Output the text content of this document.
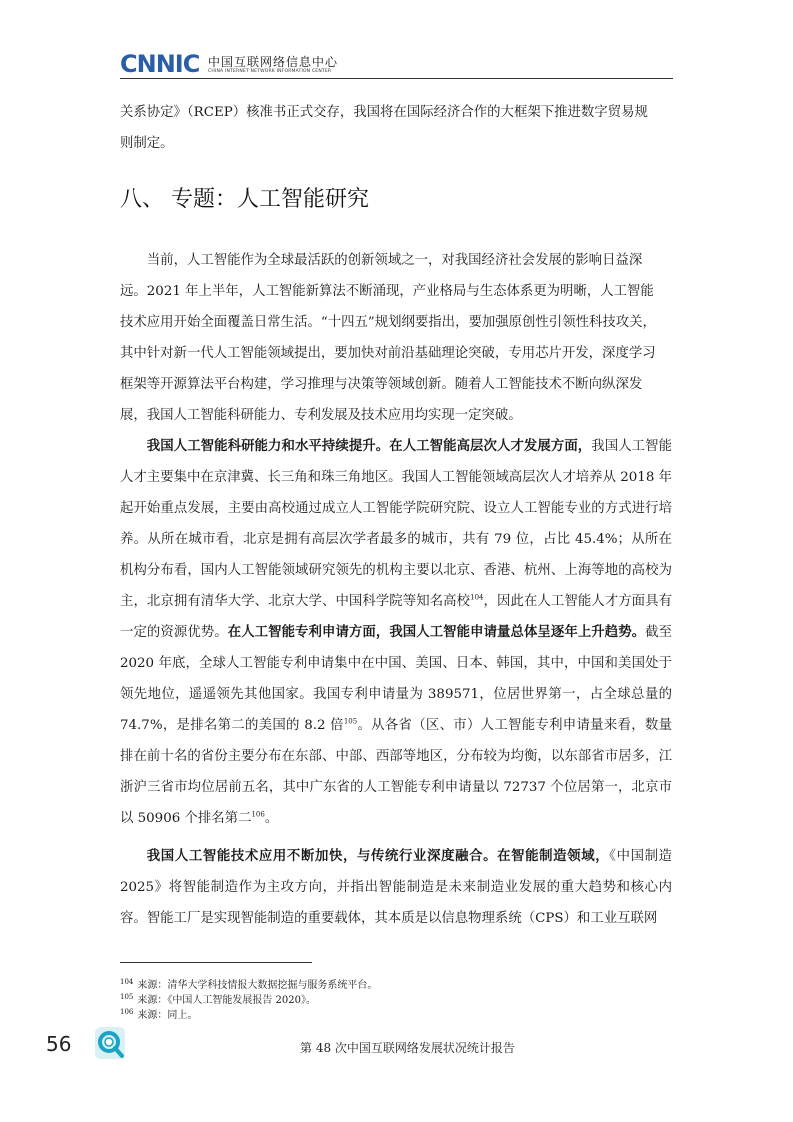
CNNIC 中国互联网络信息中心
CHINA INTERNET NETWORK INFORMATION CENTER

关系协定》（RCEP）核准书正式交存，我国将在国际经济合作的大框架下推进数字贸易规

则制定。

八、 专题：人工智能研究

当前，人工智能作为全球最活跃的创新领域之一，对我国经济社会发展的影响日益深

远。2021 年上半年，人工智能新算法不断涌现，产业格局与生态体系更为明晰，人工智能

技术应用开始全面覆盖日常生活。“十四五”规划纲要指出，要加强原创性引领性科技攻关，

其中针对新一代人工智能领域提出，要加快对前沿基础理论突破，专用芯片开发，深度学习

框架等开源算法平台构建，学习推理与决策等领域创新。随着人工智能技术不断向纵深发

展，我国人工智能科研能力、专利发展及技术应用均实现一定突破。

我国人工智能科研能力和水平持续提升。在人工智能高层次人才发展方面，我国人工智能人才主要集中在京津冀、长三角和珠三角地区。我国人工智能领域高层次人才培养从 2018 年起开始重点发展，主要由高校通过成立人工智能学院研究院、设立人工智能专业的方式进行培养。从所在城市看，北京是拥有高层次学者最多的城市，共有 79 位，占比 45.4%；从所在机构分布看，国内人工智能领域研究领先的机构主要以北京、香港、杭州、上海等地的高校为主，北京拥有清华大学、北京大学、中国科学院等知名高校$^{104}$，因此在人工智能人才方面具有一定的资源优势。在人工智能专利申请方面，我国人工智能申请量总体呈逐年上升趋势。截至 2020 年底，全球人工智能专利申请集中在中国、美国、日本、韩国，其中，中国和美国处于领先地位，遥遥领先其他国家。我国专利申请量为 389571，位居世界第一，占全球总量的 74.7%，是排名第二的美国的 8.2 倍$^{105}$。从各省（区、市）人工智能专利申请量来看，数量排在前十名的省份主要分布在东部、中部、西部等地区，分布较为均衡，以东部省市居多，江浙沪三省市均位居前五名，其中广东省的人工智能专利申请量以 72737 个位居第一，北京市以 50906 个排名第二$^{106}$。

我国人工智能技术应用不断加快，与传统行业深度融合。在智能制造领域，《中国制造 2025》将智能制造作为主攻方向，并指出智能制造是未来制造业发展的重大趋势和核心内容。智能工厂是实现智能制造的重要载体，其本质是以信息物理系统（CPS）和工业互联网

$^{104}$ 来源：清华大学科技情报大数据挖掘与服务系统平台。
$^{105}$ 来源：《中国人工智能发展报告 2020》。
$^{106}$ 来源：同上。
56	第 48 次中国互联网络发展状况统计报告
